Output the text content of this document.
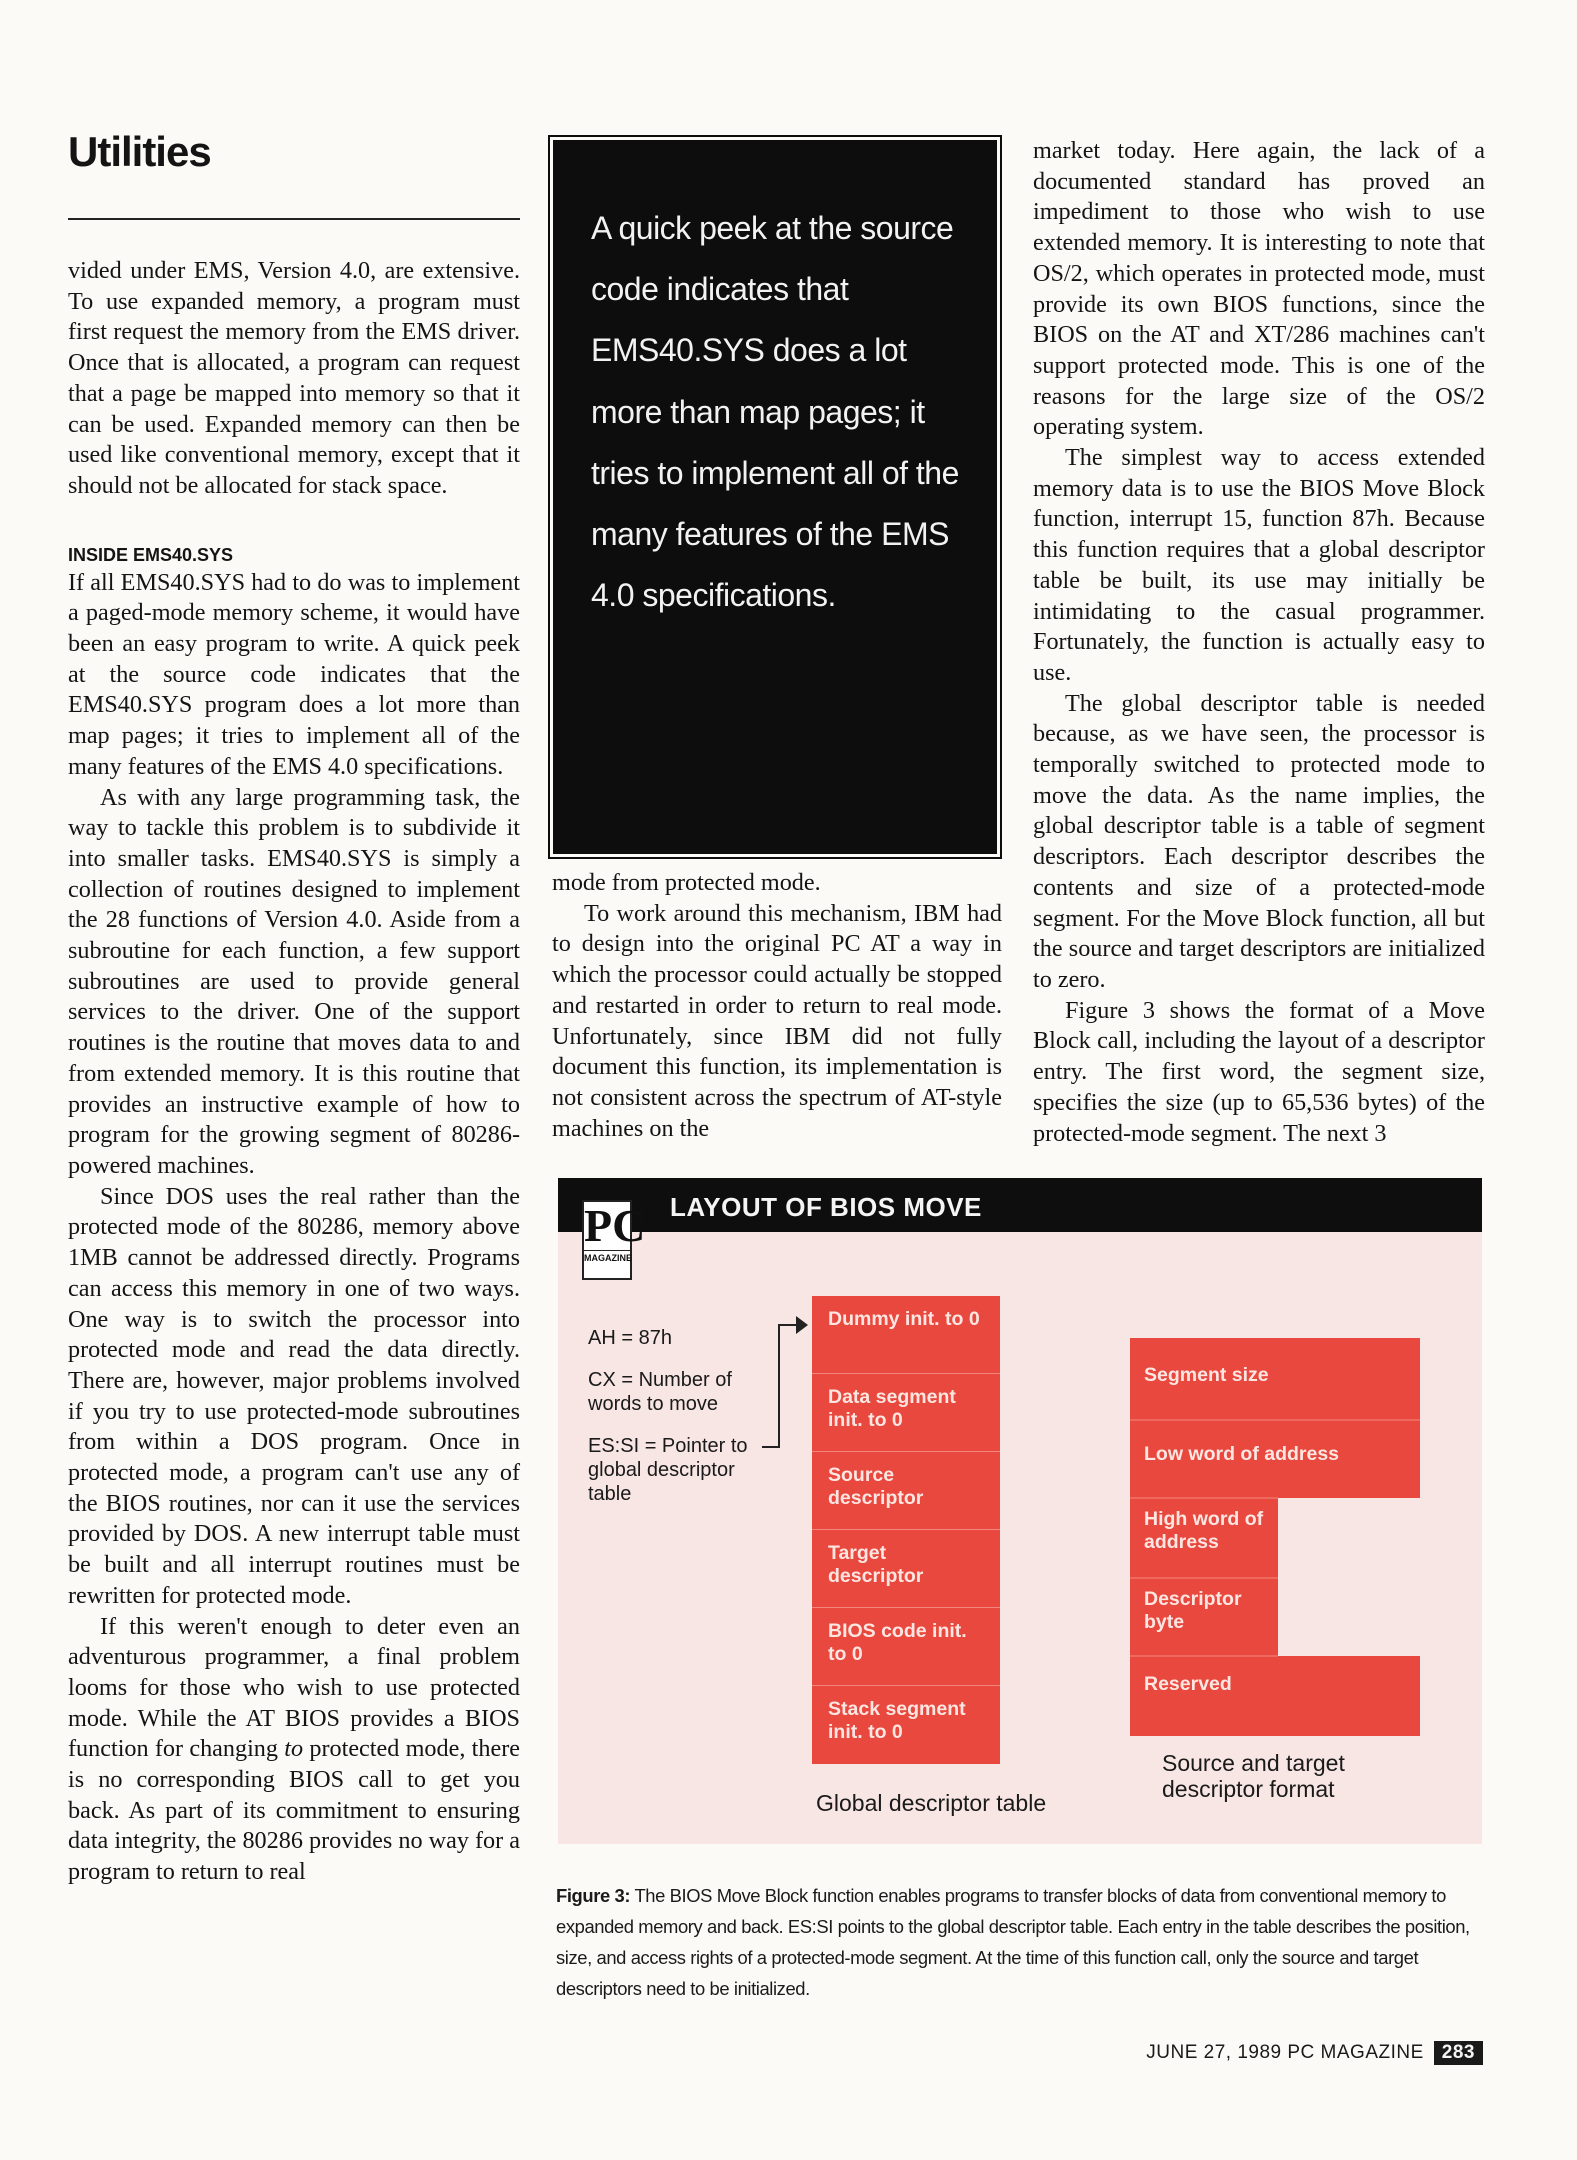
Utilities

vided under EMS, Version 4.0, are extensive. To use expanded memory, a program must first request the memory from the EMS driver. Once that is allocated, a program can request that a page be mapped into memory so that it can be used. Expanded memory can then be used like conventional memory, except that it should not be allocated for stack space.

INSIDE EMS40.SYS

If all EMS40.SYS had to do was to implement a paged-mode memory scheme, it would have been an easy program to write. A quick peek at the source code indicates that the EMS40.SYS program does a lot more than map pages; it tries to implement all of the many features of the EMS 4.0 specifications.

As with any large programming task, the way to tackle this problem is to subdivide it into smaller tasks. EMS40.SYS is simply a collection of routines designed to implement the 28 functions of Version 4.0. Aside from a subroutine for each function, a few support subroutines are used to provide general services to the driver. One of the support routines is the routine that moves data to and from extended memory. It is this routine that provides an instructive example of how to program for the growing segment of 80286-powered machines.

Since DOS uses the real rather than the protected mode of the 80286, memory above 1MB cannot be addressed directly. Programs can access this memory in one of two ways. One way is to switch the processor into protected mode and read the data directly. There are, however, major problems involved if you try to use protected-mode subroutines from within a DOS program. Once in protected mode, a program can't use any of the BIOS routines, nor can it use the services provided by DOS. A new interrupt table must be built and all interrupt routines must be rewritten for protected mode.

If this weren't enough to deter even an adventurous programmer, a final problem looms for those who wish to use protected mode. While the AT BIOS provides a BIOS function for changing to protected mode, there is no corresponding BIOS call to get you back. As part of its commitment to ensuring data integrity, the 80286 provides no way for a program to return to real

A quick peek at the source code indicates that EMS40.SYS does a lot more than map pages; it tries to implement all of the many features of the EMS 4.0 specifications.

mode from protected mode.

To work around this mechanism, IBM had to design into the original PC AT a way in which the processor could actually be stopped and restarted in order to return to real mode. Unfortunately, since IBM did not fully document this function, its implementation is not consistent across the spectrum of AT-style machines on the

market today. Here again, the lack of a documented standard has proved an impediment to those who wish to use extended memory. It is interesting to note that OS/2, which operates in protected mode, must provide its own BIOS functions, since the BIOS on the AT and XT/286 machines can't support protected mode. This is one of the reasons for the large size of the OS/2 operating system.

The simplest way to access extended memory data is to use the BIOS Move Block function, interrupt 15, function 87h. Because this function requires that a global descriptor table be built, its use may initially be intimidating to the casual programmer. Fortunately, the function is actually easy to use.

The global descriptor table is needed because, as we have seen, the processor is temporally switched to protected mode to move the data. As the name implies, the global descriptor table is a table of segment descriptors. Each descriptor describes the contents and size of a protected-mode segment. For the Move Block function, all but the source and target descriptors are initialized to zero.

Figure 3 shows the format of a Move Block call, including the layout of a descriptor entry. The first word, the segment size, specifies the size (up to 65,536 bytes) of the protected-mode segment. The next 3

LAYOUT OF BIOS MOVE
PC
MAGAZINE
AH = 87h
CX = Number of words to move
ES:SI = Pointer to global descriptor table
Dummy init. to 0
Data segment init. to 0
Source descriptor
Target descriptor
BIOS code init. to 0
Stack segment init. to 0
Global descriptor table
Segment size
Low word of address
High word of address
Descriptor byte
Reserved
Source and target descriptor format
Figure 3: The BIOS Move Block function enables programs to transfer blocks of data from conventional memory to expanded memory and back. ES:SI points to the global descriptor table. Each entry in the table describes the position, size, and access rights of a protected-mode segment. At the time of this function call, only the source and target descriptors need to be initialized.
JUNE 27, 1989 PC MAGAZINE 283
